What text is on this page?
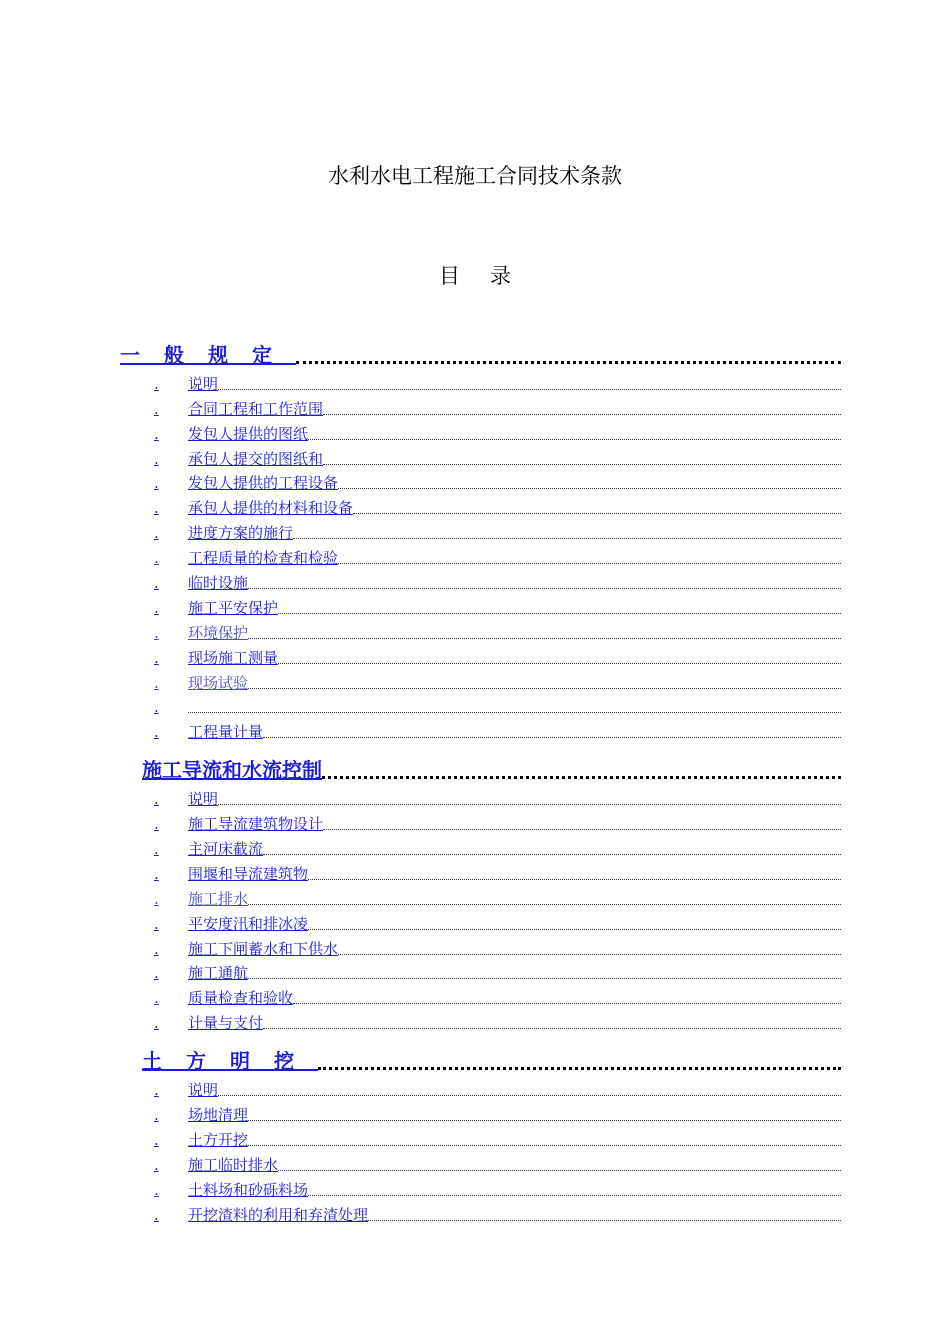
水利水电工程施工合同技术条款
目录
一般规定
.	说明
.	合同工程和工作范围
.	发包人提供的图纸
.	承包人提交的图纸和
.	发包人提供的工程设备
.	承包人提供的材料和设备
.	进度方案的施行
.	工程质量的检查和检验
.	临时设施
.	施工平安保护
.	环境保护
.	现场施工测量
.	现场试验
.
.	工程量计量
施工导流和水流控制
.	说明
.	施工导流建筑物设计
.	主河床截流
.	围堰和导流建筑物
.	施工排水
.	平安度汛和排冰凌
.	施工下闸蓄水和下供水
.	施工通航
.	质量检查和验收
.	计量与支付
土方明挖
.	说明
.	场地清理
.	土方开挖
.	施工临时排水
.	土料场和砂砾料场
.	开挖渣料的利用和弃渣处理
